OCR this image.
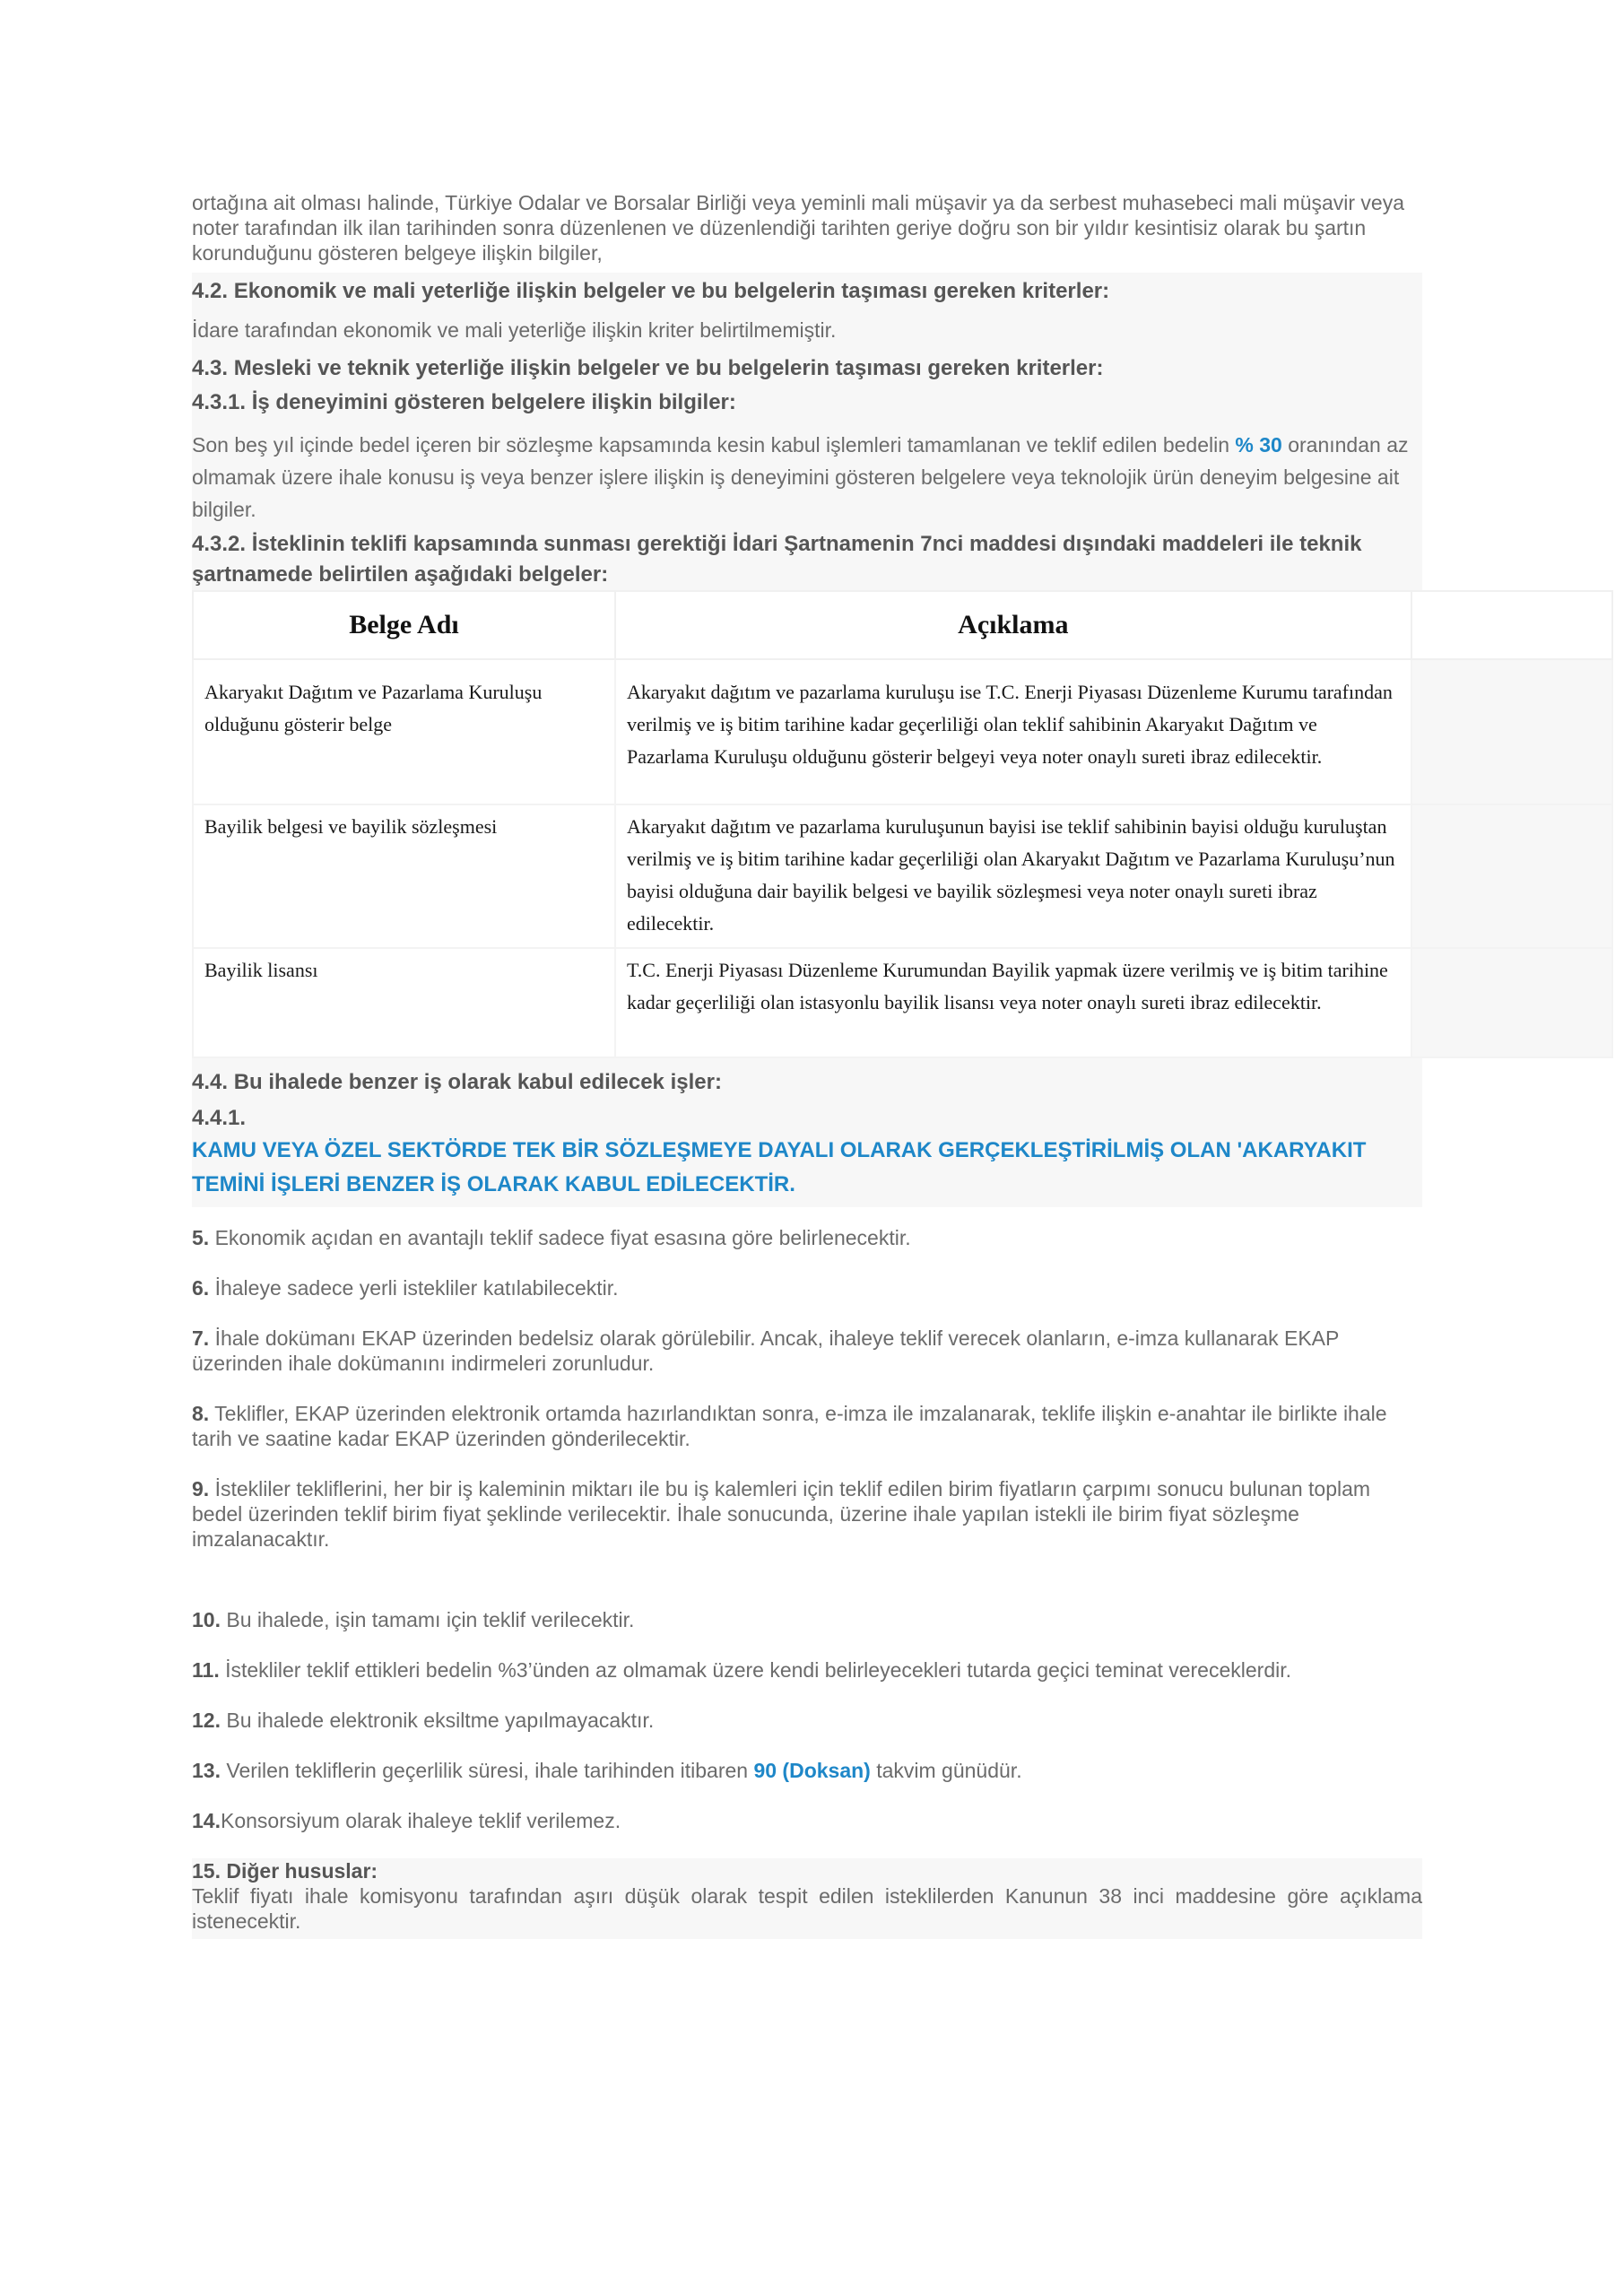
ortağına ait olması halinde, Türkiye Odalar ve Borsalar Birliği veya yeminli mali müşavir ya da serbest muhasebeci mali müşavir veya noter tarafından ilk ilan tarihinden sonra düzenlenen ve düzenlendiği tarihten geriye doğru son bir yıldır kesintisiz olarak bu şartın korunduğunu gösteren belgeye ilişkin bilgiler,

4.2. Ekonomik ve mali yeterliğe ilişkin belgeler ve bu belgelerin taşıması gereken kriterler:

İdare tarafından ekonomik ve mali yeterliğe ilişkin kriter belirtilmemiştir.

4.3. Mesleki ve teknik yeterliğe ilişkin belgeler ve bu belgelerin taşıması gereken kriterler:

4.3.1. İş deneyimini gösteren belgelere ilişkin bilgiler:

Son beş yıl içinde bedel içeren bir sözleşme kapsamında kesin kabul işlemleri tamamlanan ve teklif edilen bedelin % 30 oranından az olmamak üzere ihale konusu iş veya benzer işlere ilişkin iş deneyimini gösteren belgelere veya teknolojik ürün deneyim belgesine ait bilgiler.

4.3.2. İsteklinin teklifi kapsamında sunması gerektiği İdari Şartnamenin 7nci maddesi dışındaki maddeleri ile teknik şartnamede belirtilen aşağıdaki belgeler:

Belge Adı	Açıklama	
Akaryakıt Dağıtım ve Pazarlama Kuruluşu olduğunu gösterir belge	Akaryakıt dağıtım ve pazarlama kuruluşu ise T.C. Enerji Piyasası Düzenleme Kurumu tarafından verilmiş ve iş bitim tarihine kadar geçerliliği olan teklif sahibinin Akaryakıt Dağıtım ve Pazarlama Kuruluşu olduğunu gösterir belgeyi veya noter onaylı sureti ibraz edilecektir.	
Bayilik belgesi ve bayilik sözleşmesi	Akaryakıt dağıtım ve pazarlama kuruluşunun bayisi ise teklif sahibinin bayisi olduğu kuruluştan verilmiş ve iş bitim tarihine kadar geçerliliği olan Akaryakıt Dağıtım ve Pazarlama Kuruluşu’nun bayisi olduğuna dair bayilik belgesi ve bayilik sözleşmesi veya noter onaylı sureti ibraz edilecektir.	
Bayilik lisansı	T.C. Enerji Piyasası Düzenleme Kurumundan Bayilik yapmak üzere verilmiş ve iş bitim tarihine kadar geçerliliği olan istasyonlu bayilik lisansı veya noter onaylı sureti ibraz edilecektir.	

4.4. Bu ihalede benzer iş olarak kabul edilecek işler:

4.4.1.

KAMU VEYA ÖZEL SEKTÖRDE TEK BİR SÖZLEŞMEYE DAYALI OLARAK GERÇEKLEŞTİRİLMİŞ OLAN 'AKARYAKIT TEMİNİ İŞLERİ BENZER İŞ OLARAK KABUL EDİLECEKTİR.

5. Ekonomik açıdan en avantajlı teklif sadece fiyat esasına göre belirlenecektir.

6. İhaleye sadece yerli istekliler katılabilecektir.

7. İhale dokümanı EKAP üzerinden bedelsiz olarak görülebilir. Ancak, ihaleye teklif verecek olanların, e-imza kullanarak EKAP üzerinden ihale dokümanını indirmeleri zorunludur.

8. Teklifler, EKAP üzerinden elektronik ortamda hazırlandıktan sonra, e-imza ile imzalanarak, teklife ilişkin e-anahtar ile birlikte ihale tarih ve saatine kadar EKAP üzerinden gönderilecektir.

9. İstekliler tekliflerini, her bir iş kaleminin miktarı ile bu iş kalemleri için teklif edilen birim fiyatların çarpımı sonucu bulunan toplam bedel üzerinden teklif birim fiyat şeklinde verilecektir. İhale sonucunda, üzerine ihale yapılan istekli ile birim fiyat sözleşme imzalanacaktır.

10. Bu ihalede, işin tamamı için teklif verilecektir.

11. İstekliler teklif ettikleri bedelin %3’ünden az olmamak üzere kendi belirleyecekleri tutarda geçici teminat vereceklerdir.

12. Bu ihalede elektronik eksiltme yapılmayacaktır.

13. Verilen tekliflerin geçerlilik süresi, ihale tarihinden itibaren 90 (Doksan) takvim günüdür.

14.Konsorsiyum olarak ihaleye teklif verilemez.

15. Diğer hususlar:

Teklif fiyatı ihale komisyonu tarafından aşırı düşük olarak tespit edilen isteklilerden Kanunun 38 inci maddesine göre açıklama istenecektir.
